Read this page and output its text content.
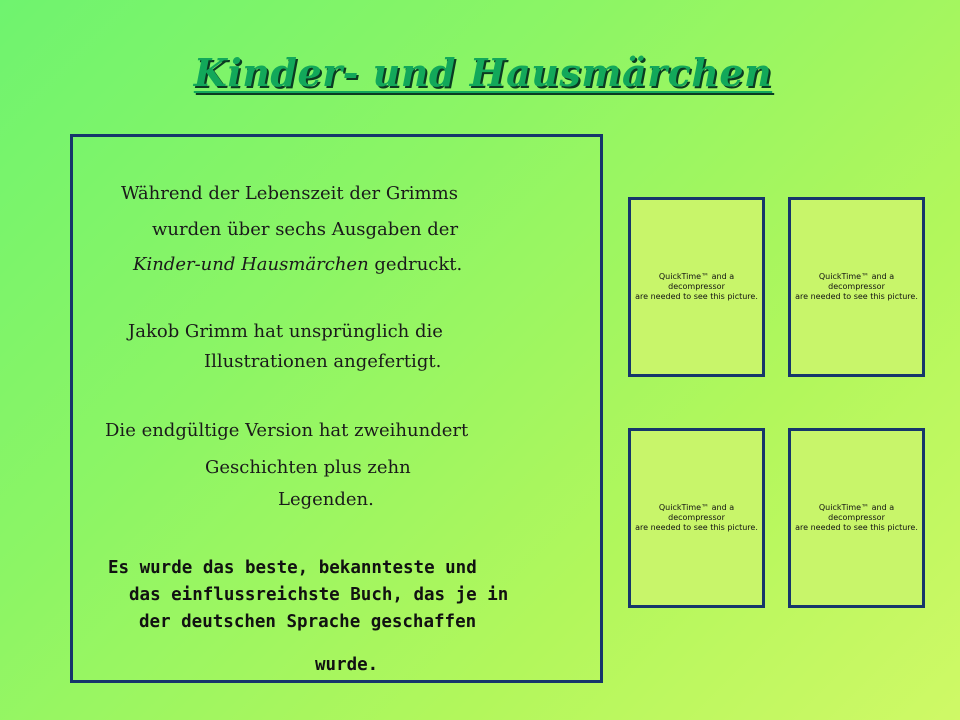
Kinder- und Hausmärchen
Während der Lebenszeit der Grimms
wurden über sechs Ausgaben der
Kinder-und Hausmärchen gedruckt.
Jakob Grimm hat unsprünglich die
Illustrationen angefertigt.
Die endgültige Version hat zweihundert
Geschichten plus zehn
Legenden.
Es wurde das beste, bekannteste und
das einflussreichste Buch, das je in
der deutschen Sprache geschaffen
wurde.
QuickTime™ and a
decompressor
are needed to see this picture.
QuickTime™ and a
decompressor
are needed to see this picture.
QuickTime™ and a
decompressor
are needed to see this picture.
QuickTime™ and a
decompressor
are needed to see this picture.
